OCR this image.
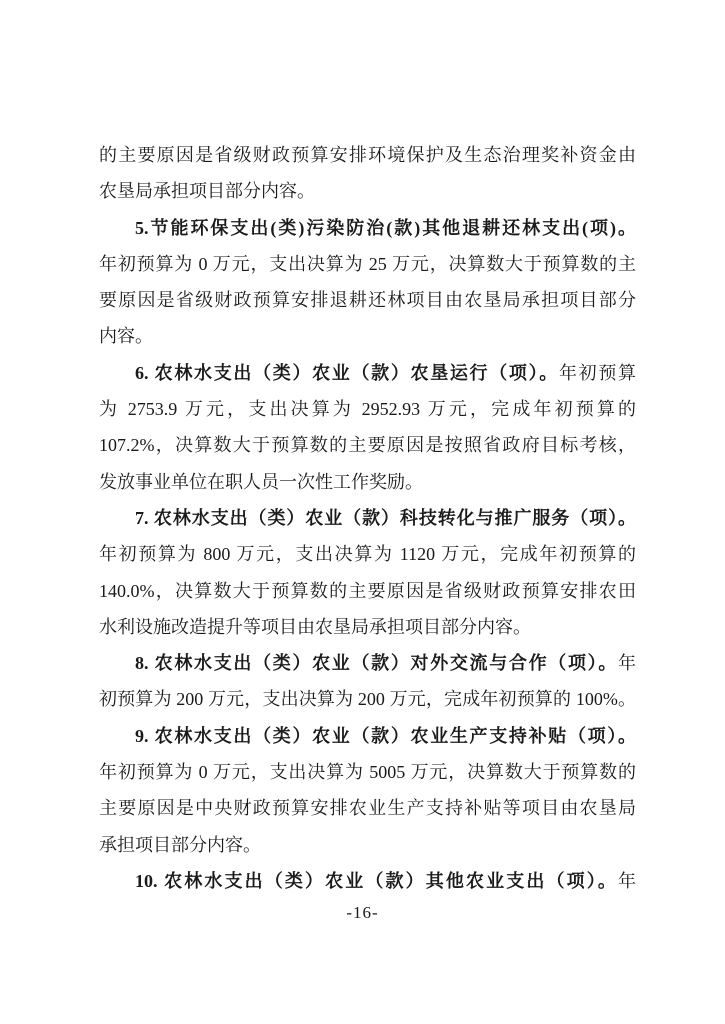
的主要原因是省级财政预算安排环境保护及生态治理奖补资金由
农垦局承担项目部分内容。
5.节能环保支出(类)污染防治(款)其他退耕还林支出(项)。
年初预算为 0 万元，支出决算为 25 万元，决算数大于预算数的主
要原因是省级财政预算安排退耕还林项目由农垦局承担项目部分
内容。
6. 农林水支出（类）农业（款）农垦运行（项）。年初预算
为 2753.9 万元，支出决算为 2952.93 万元，完成年初预算的
107.2%，决算数大于预算数的主要原因是按照省政府目标考核，
发放事业单位在职人员一次性工作奖励。
7. 农林水支出（类）农业（款）科技转化与推广服务（项）。
年初预算为 800 万元，支出决算为 1120 万元，完成年初预算的
140.0%，决算数大于预算数的主要原因是省级财政预算安排农田
水利设施改造提升等项目由农垦局承担项目部分内容。
8. 农林水支出（类）农业（款）对外交流与合作（项）。年
初预算为 200 万元，支出决算为 200 万元，完成年初预算的 100%。
9. 农林水支出（类）农业（款）农业生产支持补贴（项）。
年初预算为 0 万元，支出决算为 5005 万元，决算数大于预算数的
主要原因是中央财政预算安排农业生产支持补贴等项目由农垦局
承担项目部分内容。
10. 农林水支出（类）农业（款）其他农业支出（项）。年
-16-
